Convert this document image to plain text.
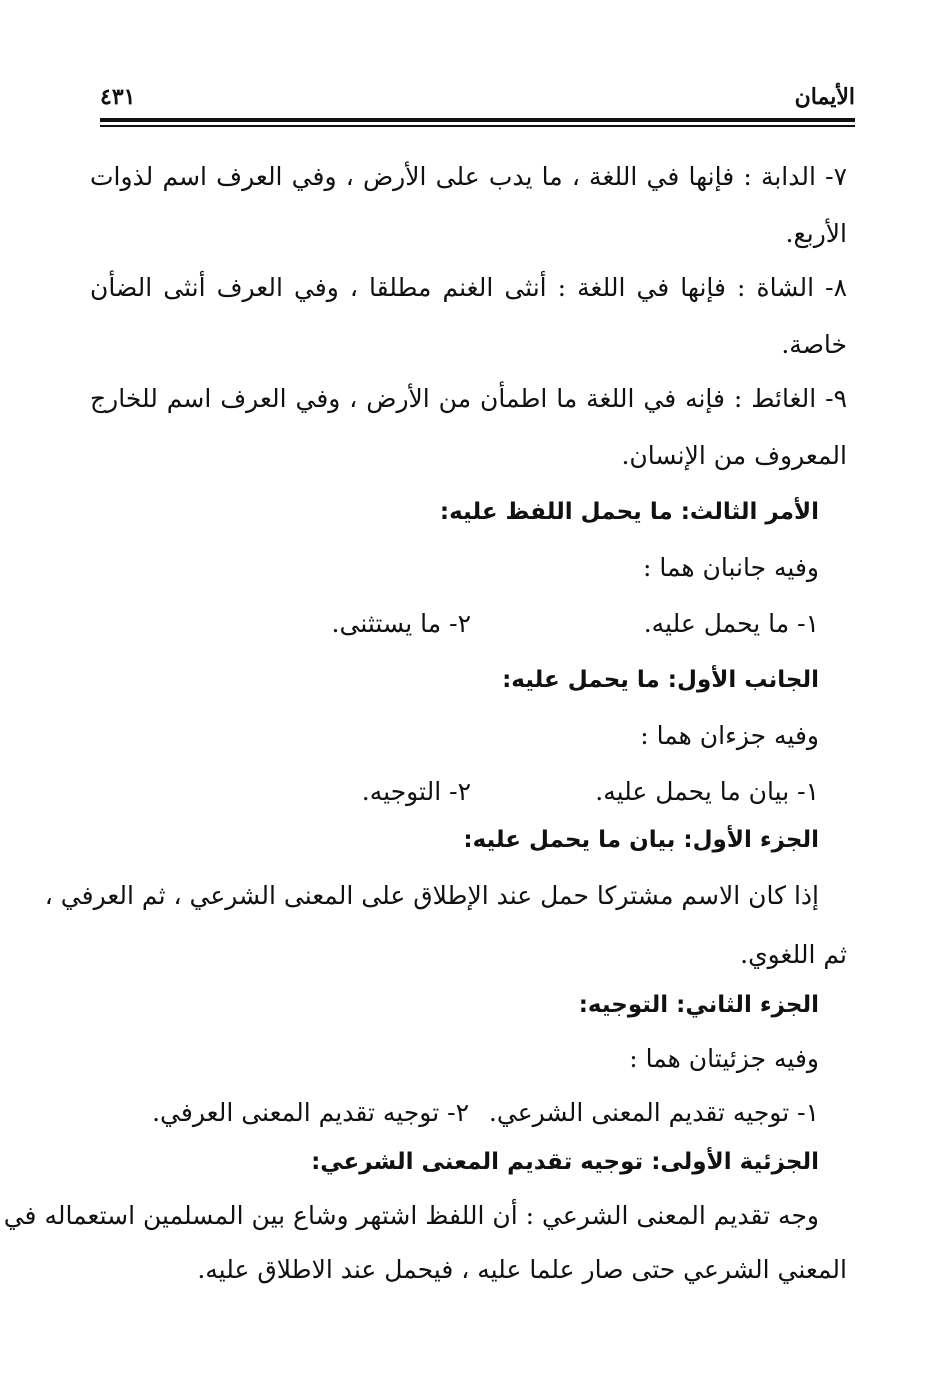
الأيمان
٤٣١
٧- الدابة : فإنها في اللغة ، ما يدب على الأرض ، وفي العرف اسم لذوات
الأربع.
٨- الشاة : فإنها في اللغة : أنثى الغنم مطلقا ، وفي العرف أنثى الضأن
خاصة.
٩- الغائط : فإنه في اللغة ما اطمأن من الأرض ، وفي العرف اسم للخارج
المعروف من الإنسان.
الأمر الثالث: ما يحمل اللفظ عليه:
وفيه جانبان هما :
١- ما يحمل عليه.
٢- ما يستثنى.
الجانب الأول: ما يحمل عليه:
وفيه جزءان هما :
١- بيان ما يحمل عليه.
٢- التوجيه.
الجزء الأول: بيان ما يحمل عليه:
إذا كان الاسم مشتركا حمل عند الإطلاق على المعنى الشرعي ، ثم العرفي ،
ثم اللغوي.
الجزء الثاني: التوجيه:
وفيه جزئيتان هما :
١- توجيه تقديم المعنى الشرعي.
٢- توجيه تقديم المعنى العرفي.
الجزئية الأولى: توجيه تقديم المعنى الشرعي:
وجه تقديم المعنى الشرعي : أن اللفظ اشتهر وشاع بين المسلمين استعماله في
المعني الشرعي حتى صار علما عليه ، فيحمل عند الاطلاق عليه.
